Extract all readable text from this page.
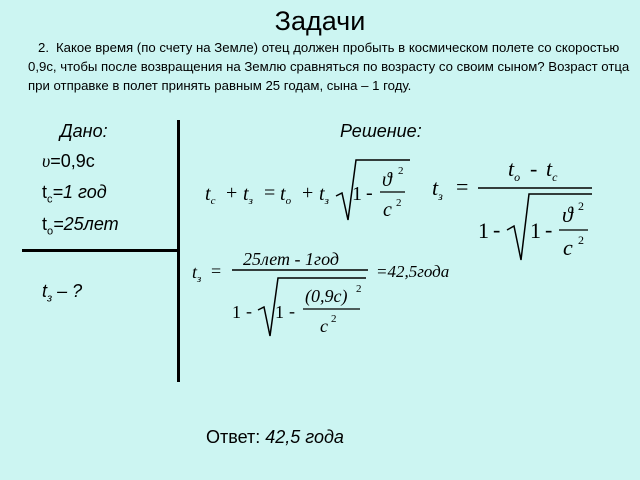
Задачи
2. Какое время (по счету на Земле) отец должен пробыть в космическом полете со скоростью 0,9с, чтобы после возвращения на Землю сравняться по возрасту со своим сыном? Возраст отца при отправке в полет принять равным 25 годам, сына – 1 году.
Дано:
υ=0,9с
$t_с=1$ год
$t_о=25лет$
$t_з$ – ?
Решение:
$t_с + t_з = t_о + t_з$ 1 -
ϑ 2
с 2
$t_з$ =
$t_о - t_с$
1 - 1 -
ϑ 2
с 2
$t_з$ =
25лет - 1год
1 - 1 -
(0,9с) 2
с 2
=42,5года
Ответ: 42,5 года
